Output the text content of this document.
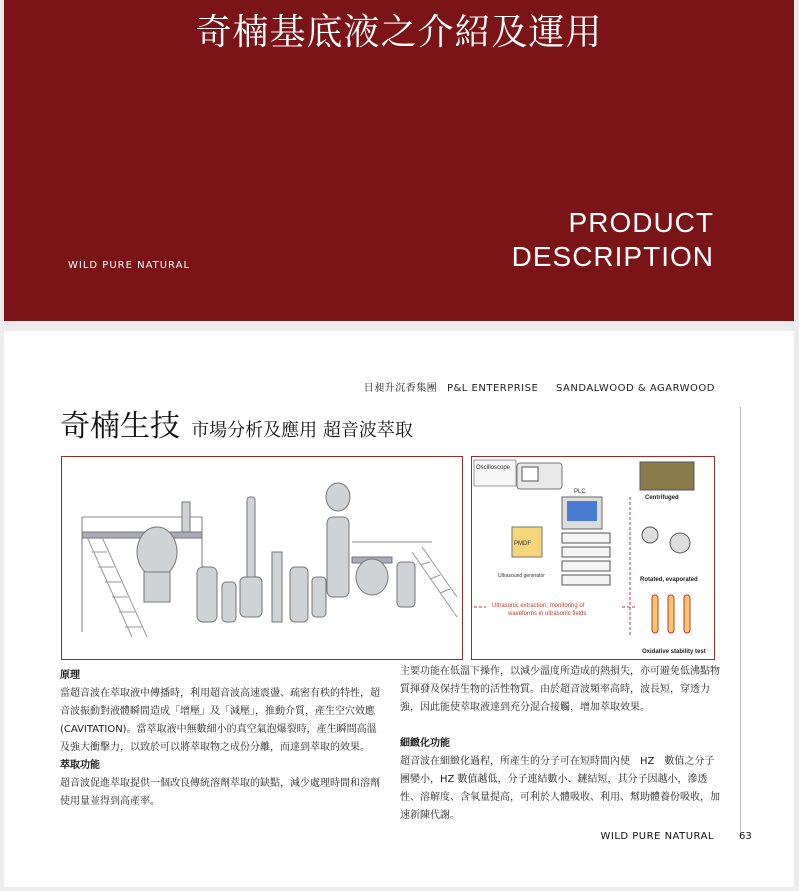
奇楠基底液之介紹及運用
PRODUCT
DESCRIPTION
WILD PURE NATURAL
日昶升沉香集團 P&L ENTERPRISE SANDALWOOD & AGARWOOD
奇楠生技 市場分析及應用 超音波萃取
Oscilloscope
PLC
PMDF
Ultrasound generator
Centrifuged
Rotated, evaporated
Ultrasonic extraction, monitoring of
waveforms in ultrasonic fields
Oxidative stability test
原理

當超音波在萃取液中傳播時，利用超音波高速震盪、疏密有秩的特性，超音波振動對液體瞬間造成「增壓」及「減壓」，推動介質，產生空穴效應　(CAVITATION)。當萃取液中無數細小的真空氣泡爆裂時，產生瞬間高溫及強大衝擊力，以致於可以將萃取物之成份分離，而達到萃取的效果。

萃取功能

超音波促進萃取提供一個改良傳統溶劑萃取的缺點，減少處理時間和溶劑使用量並得到高產率。

主要功能在低溫下操作，以減少溫度所造成的熱損失，亦可避免低沸點物質揮發及保持生物的活性物質。由於超音波頻率高時，波長短，穿透力強，因此能使萃取液達到充分混合接觸，增加萃取效果。

細緻化功能

超音波在細緻化過程，所產生的分子可在短時間內使　HZ　數值之分子團變小，HZ 數值越低，分子連結數小、鏈結短，其分子因越小，滲透性、溶解度、含氧量提高，可利於人體吸收、利用、幫助體養份吸收，加速新陳代謝。

WILD PURE NATURAL	63
